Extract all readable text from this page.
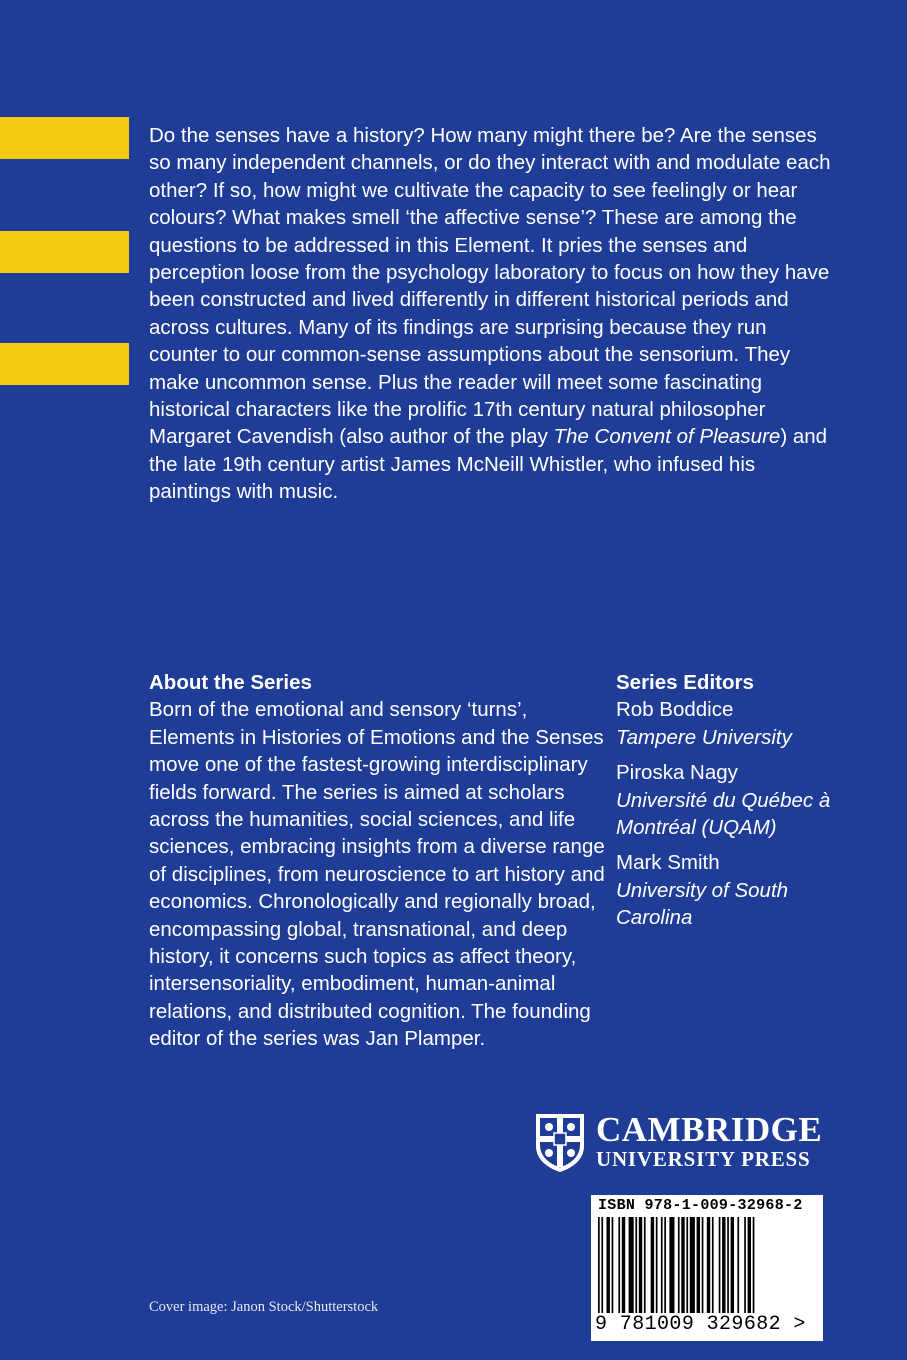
Do the senses have a history? How many might there be? Are the senses so many independent channels, or do they interact with and modulate each other? If so, how might we cultivate the capacity to see feelingly or hear colours? What makes smell ‘the affective sense’? These are among the questions to be addressed in this Element. It pries the senses and perception loose from the psychology laboratory to focus on how they have been constructed and lived differently in different historical periods and across cultures. Many of its findings are surprising because they run counter to our common-sense assumptions about the sensorium. They make uncommon sense. Plus the reader will meet some fascinating historical characters like the prolific 17th century natural philosopher Margaret Cavendish (also author of the play The Convent of Pleasure) and the late 19th century artist James McNeill Whistler, who infused his paintings with music.

About the Series

Born of the emotional and sensory ‘turns’, Elements in Histories of Emotions and the Senses move one of the fastest-growing interdisciplinary fields forward. The series is aimed at scholars across the humanities, social sciences, and life sciences, embracing insights from a diverse range of disciplines, from neuroscience to art history and economics. Chronologically and regionally broad, encompassing global, transnational, and deep history, it concerns such topics as affect theory, intersensoriality, embodiment, human-animal relations, and distributed cognition. The founding editor of the series was Jan Plamper.

Series Editors
Rob Boddice
Tampere University
Piroska Nagy
Université du Québec à Montréal (UQAM)
Mark Smith
University of South Carolina
CAMBRIDGE
UNIVERSITY PRESS
ISBN 978-1-009-32968-2
9 781009 329682 >
Cover image: Janon Stock/Shutterstock
